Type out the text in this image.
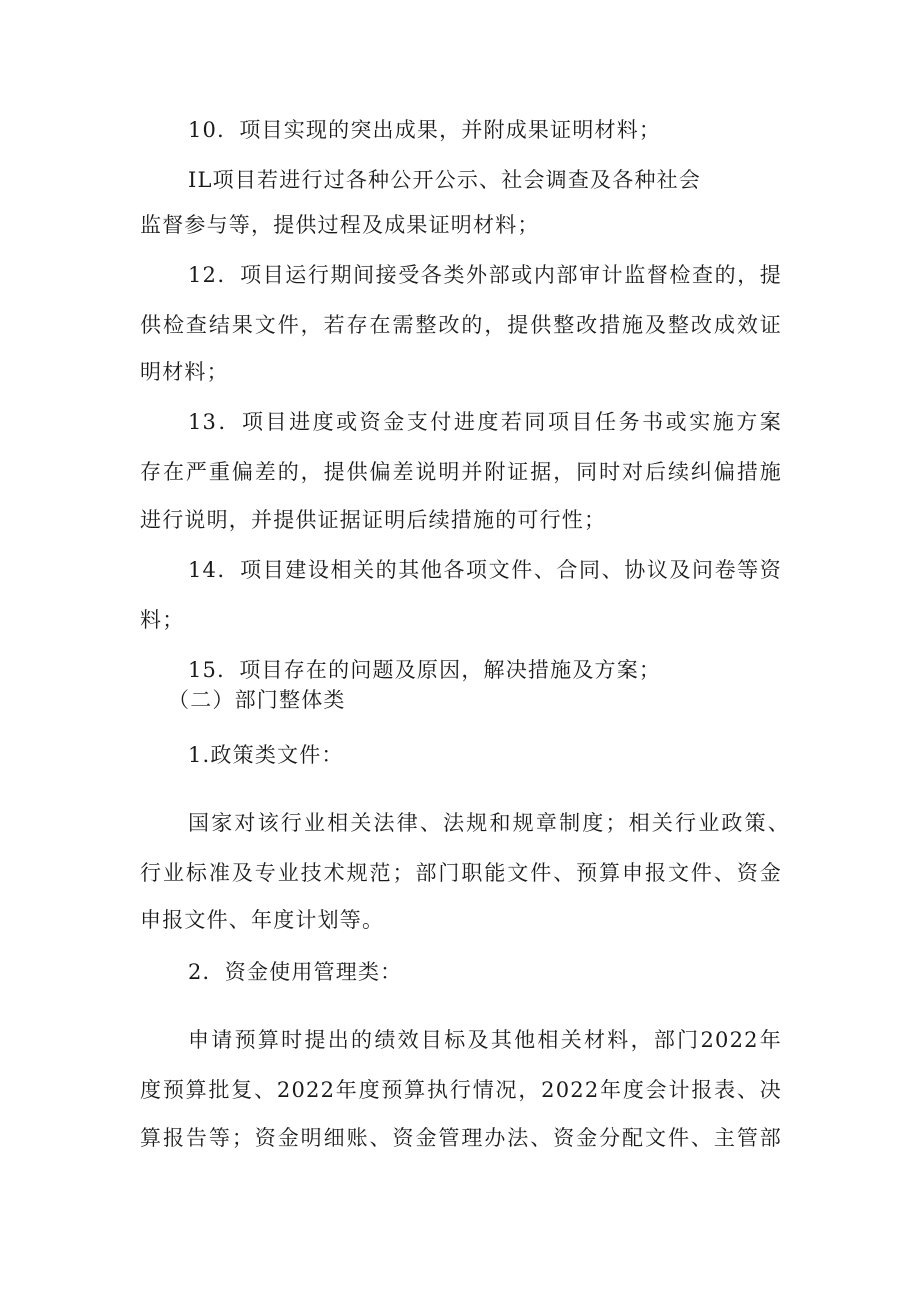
10．项目实现的突出成果，并附成果证明材料；
IL项目若进行过各种公开公示、社会调查及各种社会
监督参与等，提供过程及成果证明材料；
12．项目运行期间接受各类外部或内部审计监督检查的，提
供检查结果文件，若存在需整改的，提供整改措施及整改成效证
明材料；
13．项目进度或资金支付进度若同项目任务书或实施方案
存在严重偏差的，提供偏差说明并附证据，同时对后续纠偏措施
进行说明，并提供证据证明后续措施的可行性；
14．项目建设相关的其他各项文件、合同、协议及问卷等资
料；
15．项目存在的问题及原因，解决措施及方案；
（二）部门整体类
1.政策类文件：
国家对该行业相关法律、法规和规章制度；相关行业政策、
行业标准及专业技术规范；部门职能文件、预算申报文件、资金
申报文件、年度计划等。
2．资金使用管理类：
申请预算时提出的绩效目标及其他相关材料，部门2022年
度预算批复、2022年度预算执行情况，2022年度会计报表、决
算报告等；资金明细账、资金管理办法、资金分配文件、主管部
